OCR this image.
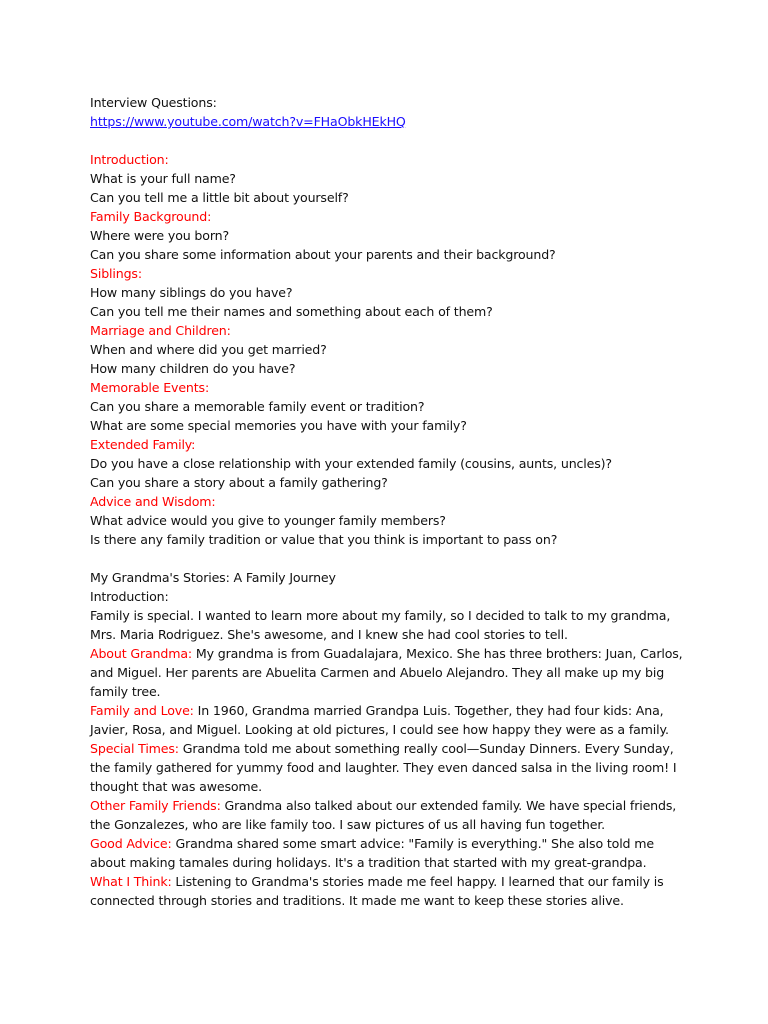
Interview Questions:
https://www.youtube.com/watch?v=FHaObkHEkHQ
Introduction:
What is your full name?
Can you tell me a little bit about yourself?
Family Background:
Where were you born?
Can you share some information about your parents and their background?
Siblings:
How many siblings do you have?
Can you tell me their names and something about each of them?
Marriage and Children:
When and where did you get married?
How many children do you have?
Memorable Events:
Can you share a memorable family event or tradition?
What are some special memories you have with your family?
Extended Family:
Do you have a close relationship with your extended family (cousins, aunts, uncles)?
Can you share a story about a family gathering?
Advice and Wisdom:
What advice would you give to younger family members?
Is there any family tradition or value that you think is important to pass on?
My Grandma's Stories: A Family Journey
Introduction:
Family is special. I wanted to learn more about my family, so I decided to talk to my grandma,
Mrs. Maria Rodriguez. She's awesome, and I knew she had cool stories to tell.
About Grandma: My grandma is from Guadalajara, Mexico. She has three brothers: Juan, Carlos,
and Miguel. Her parents are Abuelita Carmen and Abuelo Alejandro. They all make up my big
family tree.
Family and Love: In 1960, Grandma married Grandpa Luis. Together, they had four kids: Ana,
Javier, Rosa, and Miguel. Looking at old pictures, I could see how happy they were as a family.
Special Times: Grandma told me about something really cool—Sunday Dinners. Every Sunday,
the family gathered for yummy food and laughter. They even danced salsa in the living room! I
thought that was awesome.
Other Family Friends: Grandma also talked about our extended family. We have special friends,
the Gonzalezes, who are like family too. I saw pictures of us all having fun together.
Good Advice: Grandma shared some smart advice: "Family is everything." She also told me
about making tamales during holidays. It's a tradition that started with my great-grandpa.
What I Think: Listening to Grandma's stories made me feel happy. I learned that our family is
connected through stories and traditions. It made me want to keep these stories alive.
